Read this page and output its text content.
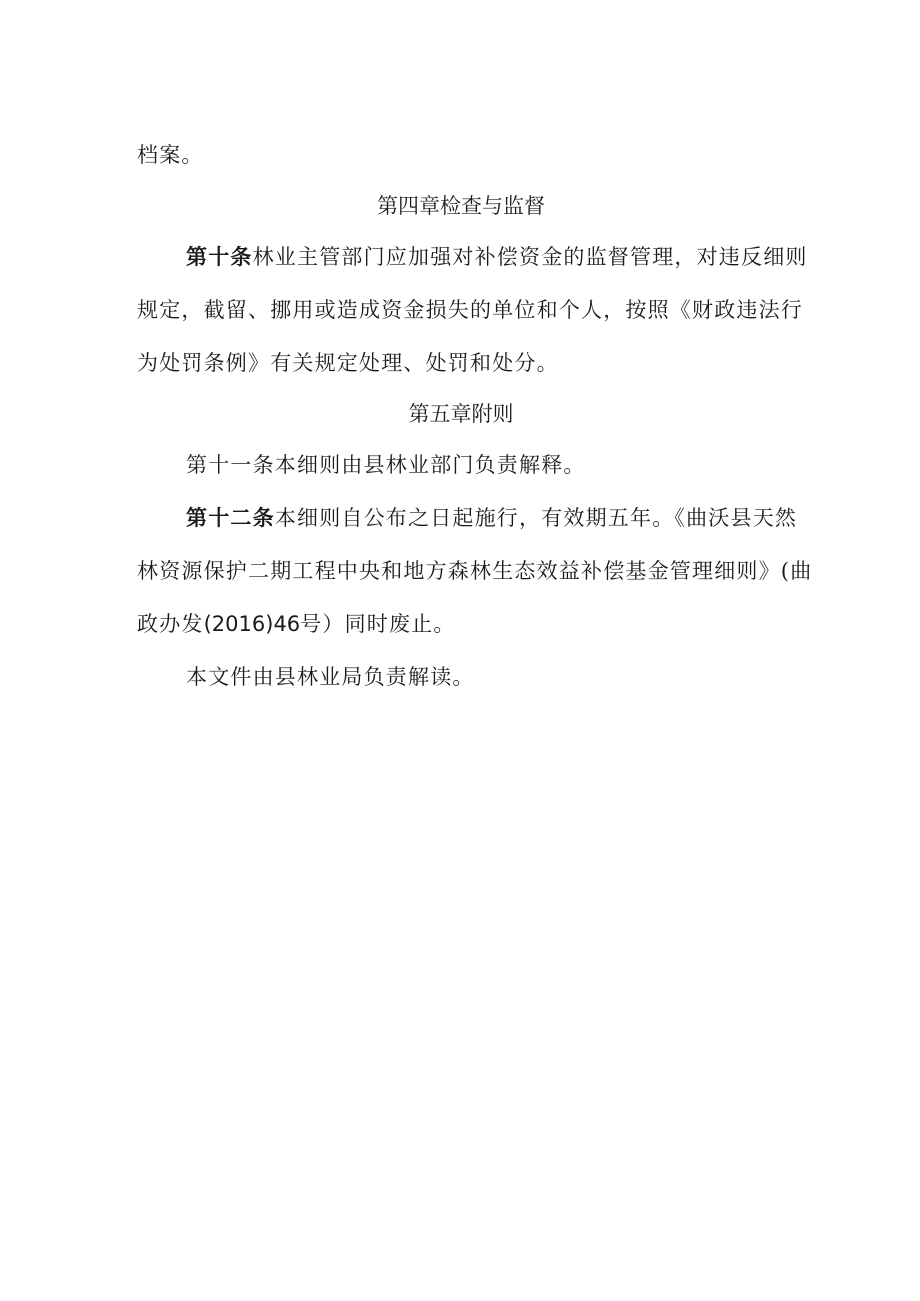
档案。
第四章检查与监督
第十条林业主管部门应加强对补偿资金的监督管理，对违反细则
规定，截留、挪用或造成资金损失的单位和个人，按照《财政违法行
为处罚条例》有关规定处理、处罚和处分。
第五章附则
第十一条本细则由县林业部门负责解释。
第十二条本细则自公布之日起施行，有效期五年。《曲沃县天然
林资源保护二期工程中央和地方森林生态效益补偿基金管理细则》(曲
政办发(2016)46号）同时废止。
本文件由县林业局负责解读。
